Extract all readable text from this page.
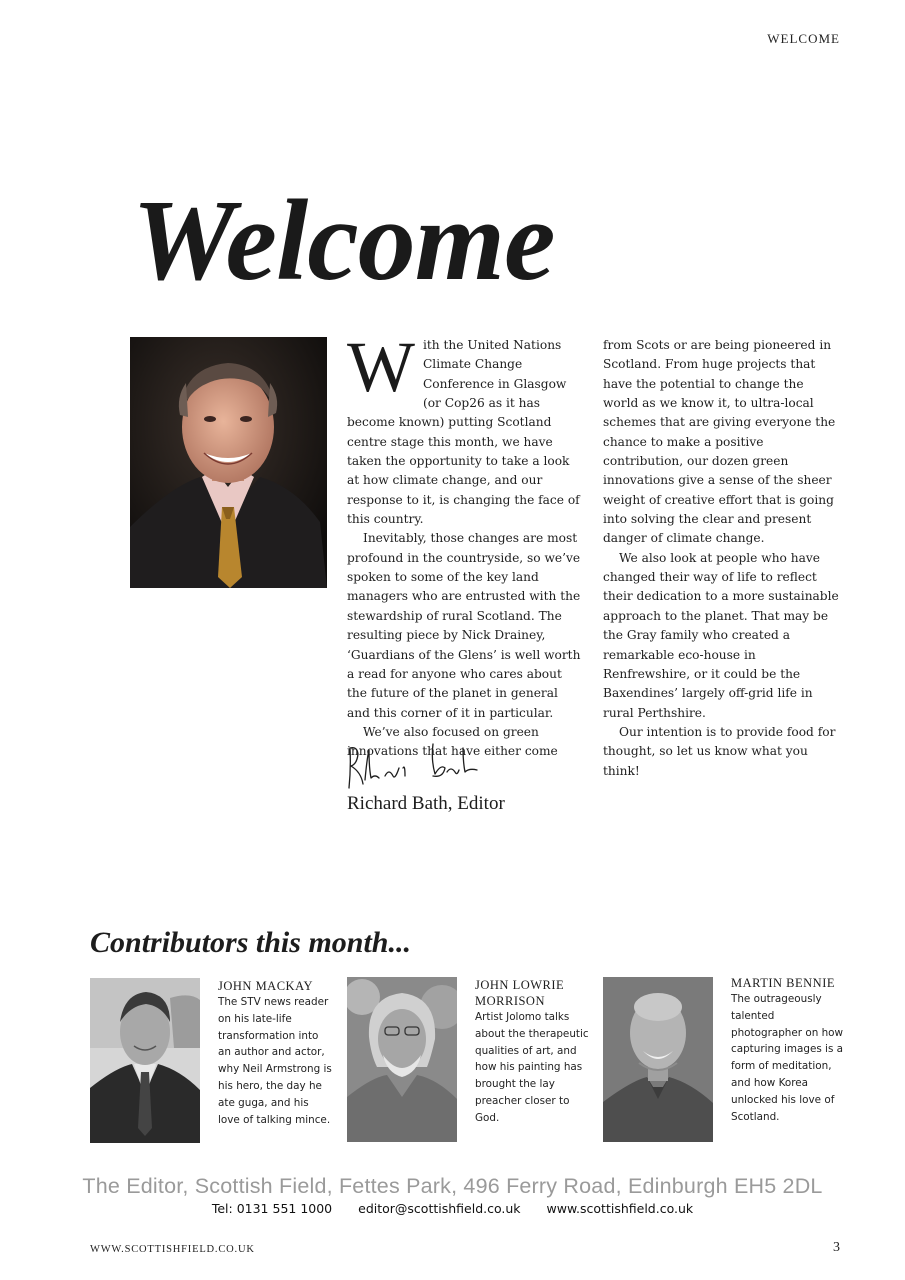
WELCOME
Welcome

With the United Nations Climate Change Conference in Glasgow (or Cop26 as it has become known) putting Scotland centre stage this month, we have taken the opportunity to take a look at how climate change, and our response to it, is changing the face of this country.

Inevitably, those changes are most profound in the countryside, so we’ve spoken to some of the key land managers who are entrusted with the stewardship of rural Scotland. The resulting piece by Nick Drainey, ‘Guardians of the Glens’ is well worth a read for anyone who cares about the future of the planet in general and this corner of it in particular.

We’ve also focused on green innovations that have either come

from Scots or are being pioneered in Scotland. From huge projects that have the potential to change the world as we know it, to ultra-local schemes that are giving everyone the chance to make a positive contribution, our dozen green innovations give a sense of the sheer weight of creative effort that is going into solving the clear and present danger of climate change.

We also look at people who have changed their way of life to reflect their dedication to a more sustainable approach to the planet. That may be the Gray family who created a remarkable eco-house in Renfrewshire, or it could be the Baxendines’ largely off-grid life in rural Perthshire.

Our intention is to provide food for thought, so let us know what you think!

Richard Bath, Editor
Contributors this month...
JOHN MACKAY
The STV news reader on his late-life transformation into an author and actor, why Neil Armstrong is his hero, the day he ate guga, and his love of talking mince.
JOHN LOWRIE MORRISON
Artist Jolomo talks about the therapeutic qualities of art, and how his painting has brought the lay preacher closer to God.
MARTIN BENNIE
The outrageously talented photographer on how capturing images is a form of meditation, and how Korea unlocked his love of Scotland.
The Editor, Scottish Field, Fettes Park, 496 Ferry Road, Edinburgh EH5 2DL
Tel: 0131 551 1000 editor@scottishfield.co.uk www.scottishfield.co.uk
WWW.SCOTTISHFIELD.CO.UK	3
